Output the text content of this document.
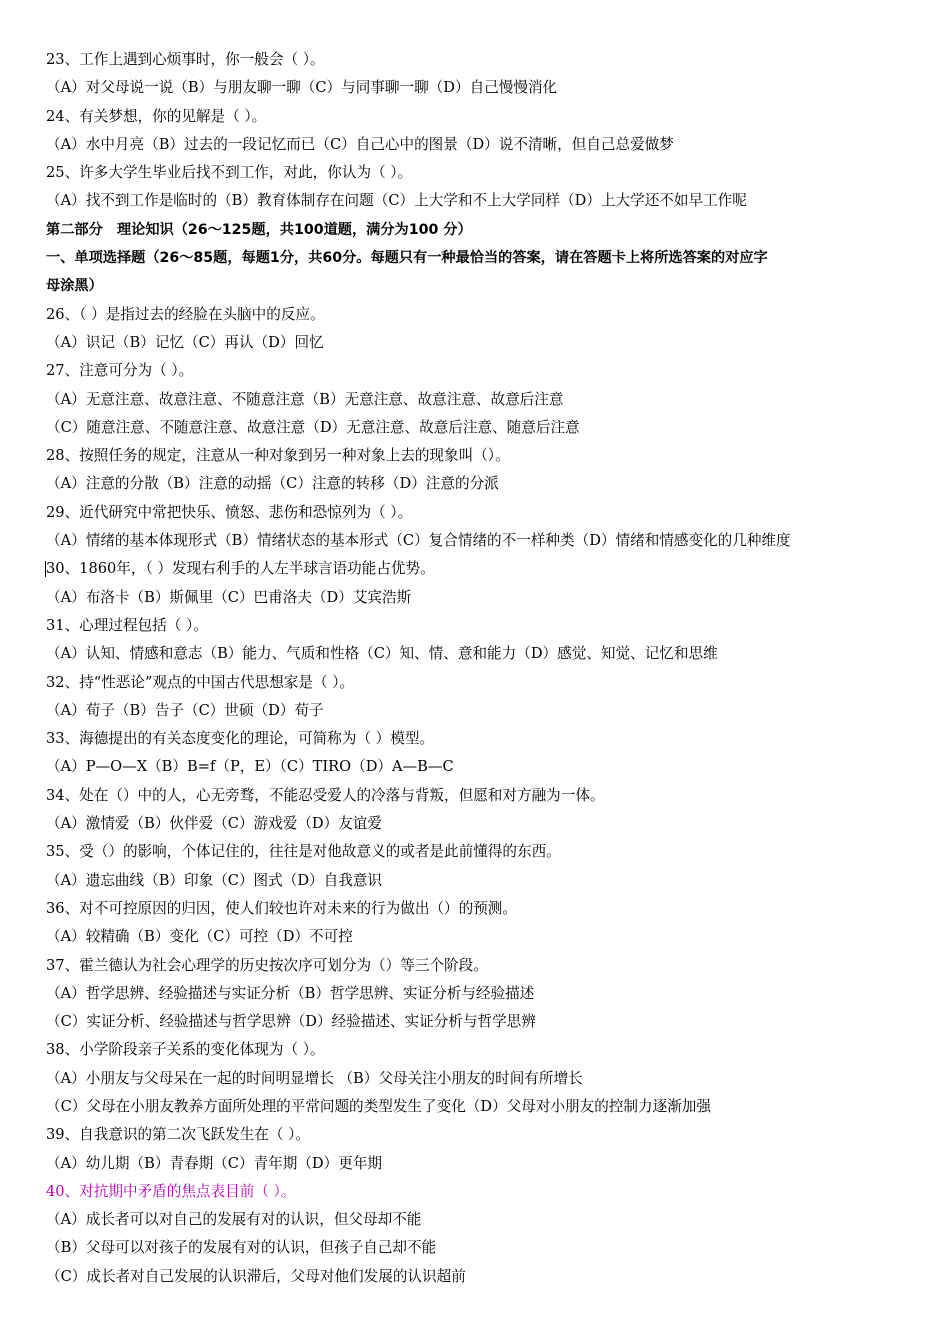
23、工作上遇到心烦事时，你一般会（ ）。
（A）对父母说一说（B）与朋友聊一聊（C）与同事聊一聊（D）自己慢慢消化
24、有关梦想，你的见解是（ ）。
（A）水中月亮（B）过去的一段记忆而已（C）自己心中的图景（D）说不清晰，但自己总爱做梦
25、许多大学生毕业后找不到工作，对此，你认为（ ）。
（A）找不到工作是临时的（B）教育体制存在问题（C）上大学和不上大学同样（D）上大学还不如早工作呢
第二部分　理论知识（26～125题，共100道题，满分为100 分）
一、单项选择题（26～85题，每题1分，共60分。每题只有一种最恰当的答案，请在答题卡上将所选答案的对应字
母涂黑）
26、（ ）是指过去的经脸在头脑中的反应。
（A）识记（B）记忆（C）再认（D）回忆
27、注意可分为（ ）。
（A）无意注意、故意注意、不随意注意（B）无意注意、故意注意、故意后注意
（C）随意注意、不随意注意、故意注意（D）无意注意、故意后注意、随意后注意
28、按照任务的规定，注意从一种对象到另一种对象上去的现象叫（）。
（A）注意的分散（B）注意的动摇（C）注意的转移（D）注意的分派
29、近代研究中常把快乐、愤怒、悲伤和恐惊列为（ ）。
（A）情绪的基本体现形式（B）情绪状态的基本形式（C）复合情绪的不一样种类（D）情绪和情感变化的几种维度
30、1860年，（ ）发现右利手的人左半球言语功能占优势。
（A）布洛卡（B）斯佩里（C）巴甫洛夫（D）艾宾浩斯
31、心理过程包括（ ）。
（A）认知、情感和意志（B）能力、气质和性格（C）知、情、意和能力（D）感觉、知觉、记忆和思维
32、持“性恶论”观点的中国古代思想家是（ ）。
（A）荀子（B）告子（C）世硕（D）荀子
33、海德提出的有关态度变化的理论，可简称为（ ）模型。
（A）P—O—X（B）B=f（P，E）（C）TIRO（D）A—B—C
34、处在（）中的人，心无旁骛，不能忍受爱人的冷落与背叛，但愿和对方融为一体。
（A）激情爱（B）伙伴爱（C）游戏爱（D）友谊爱
35、受（）的影响，个体记住的，往往是对他故意义的或者是此前懂得的东西。
（A）遗忘曲线（B）印象（C）图式（D）自我意识
36、对不可控原因的归因，使人们较也许对未来的行为做出（）的预测。
（A）较精确（B）变化（C）可控（D）不可控
37、霍兰德认为社会心理学的历史按次序可划分为（）等三个阶段。
（A）哲学思辨、经验描述与实证分析（B）哲学思辨、实证分析与经验描述
（C）实证分析、经验描述与哲学思辨（D）经验描述、实证分析与哲学思辨
38、小学阶段亲子关系的变化体现为（ ）。
（A）小朋友与父母呆在一起的时间明显增长 （B）父母关注小朋友的时间有所增长
（C）父母在小朋友教养方面所处理的平常问题的类型发生了变化（D）父母对小朋友的控制力逐渐加强
39、自我意识的第二次飞跃发生在（ ）。
（A）幼儿期（B）青春期（C）青年期（D）更年期
40、对抗期中矛盾的焦点表目前（ ）。
（A）成长者可以对自己的发展有对的认识，但父母却不能
（B）父母可以对孩子的发展有对的认识，但孩子自己却不能
（C）成长者对自己发展的认识滞后，父母对他们发展的认识超前
